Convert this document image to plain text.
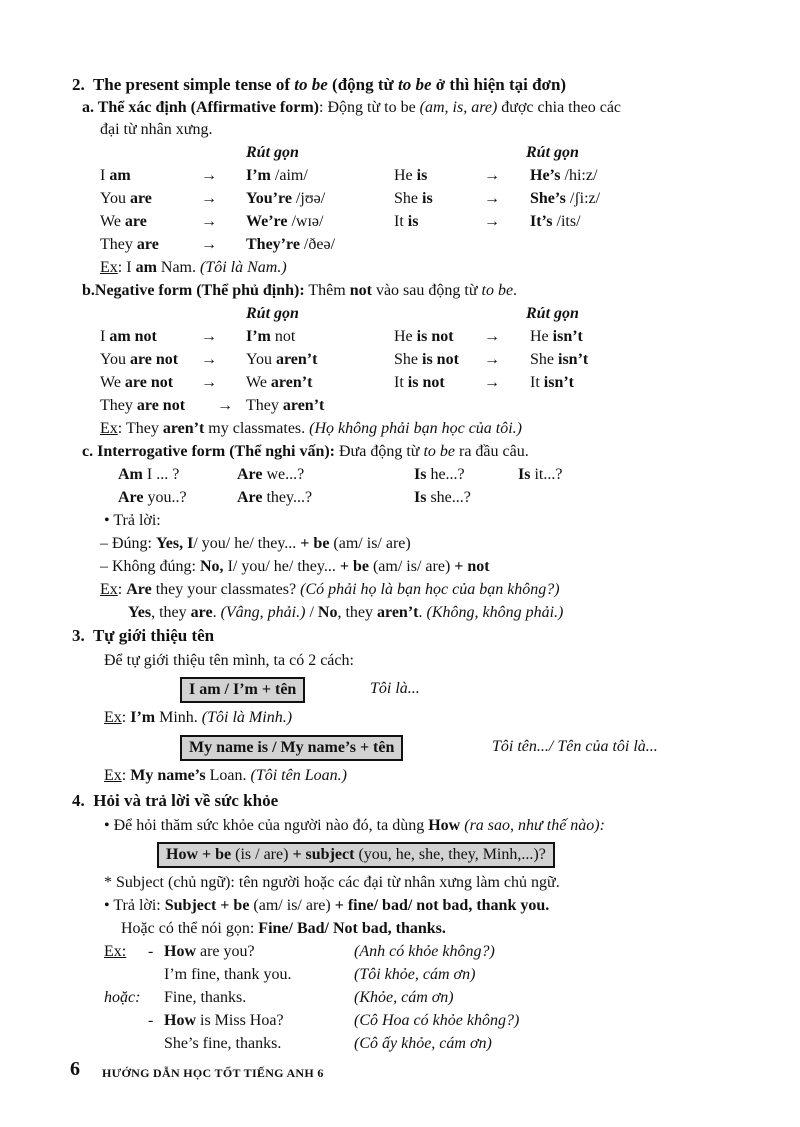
2. The present simple tense of to be (động từ to be ở thì hiện tại đơn)
a. Thể xác định (Affirmative form): Động từ to be (am, is, are) được chia theo các
đại từ nhân xưng.
Rút gọn	Rút gọn
I am	→ I’m /aim/	He is	→ He’s /hi:z/
You are	→ You’re /jʊə/	She is	→ She’s /ʃi:z/
We are	→ We’re /wɪə/	It is	→ It’s /its/
They are	→ They’re /ðeə/
Ex: I am Nam. (Tôi là Nam.)
b.Negative form (Thể phủ định): Thêm not vào sau động từ to be.
Rút gọn	Rút gọn
I am not	→ I’m not	He is not → He isn’t
You are not → You aren’t	She is not → She isn’t
We are not → We aren’t	It is not → It isn’t
They are not → They aren’t
Ex: They aren’t my classmates. (Họ không phải bạn học của tôi.)
c. Interrogative form (Thể nghi vấn): Đưa động từ to be ra đầu câu.
Am I ... ?	Are we...?	Is he...?	Is it...?
Are you..?	Are they...?	Is she...?
• Trả lời:
– Đúng: Yes, I/ you/ he/ they... + be (am/ is/ are)
– Không đúng: No, I/ you/ he/ they... + be (am/ is/ are) + not
Ex: Are they your classmates? (Có phải họ là bạn học của bạn không?)
Yes, they are. (Vâng, phải.) / No, they aren’t. (Không, không phải.)
3. Tự giới thiệu tên
Để tự giới thiệu tên mình, ta có 2 cách:
I am / I’m + tên	Tôi là...
Ex: I’m Minh. (Tôi là Minh.)
My name is / My name’s + tên	Tôi tên.../ Tên của tôi là...
Ex: My name’s Loan. (Tôi tên Loan.)
4. Hỏi và trả lời về sức khỏe
• Để hỏi thăm sức khỏe của người nào đó, ta dùng How (ra sao, như thế nào):
How + be (is / are) + subject (you, he, she, they, Minh,...)?
* Subject (chủ ngữ): tên người hoặc các đại từ nhân xưng làm chủ ngữ.
• Trả lời: Subject + be (am/ is/ are) + fine/ bad/ not bad, thank you.
Hoặc có thể nói gọn: Fine/ Bad/ Not bad, thanks.
Ex: - How are you?	(Anh có khỏe không?)
I’m fine, thank you.	(Tôi khỏe, cám ơn)
hoặc: Fine, thanks.	(Khỏe, cám ơn)
- How is Miss Hoa?	(Cô Hoa có khỏe không?)
She’s fine, thanks.	(Cô ấy khỏe, cám ơn)
6 HƯỚNG DẪN HỌC TỐT TIẾNG ANH 6
